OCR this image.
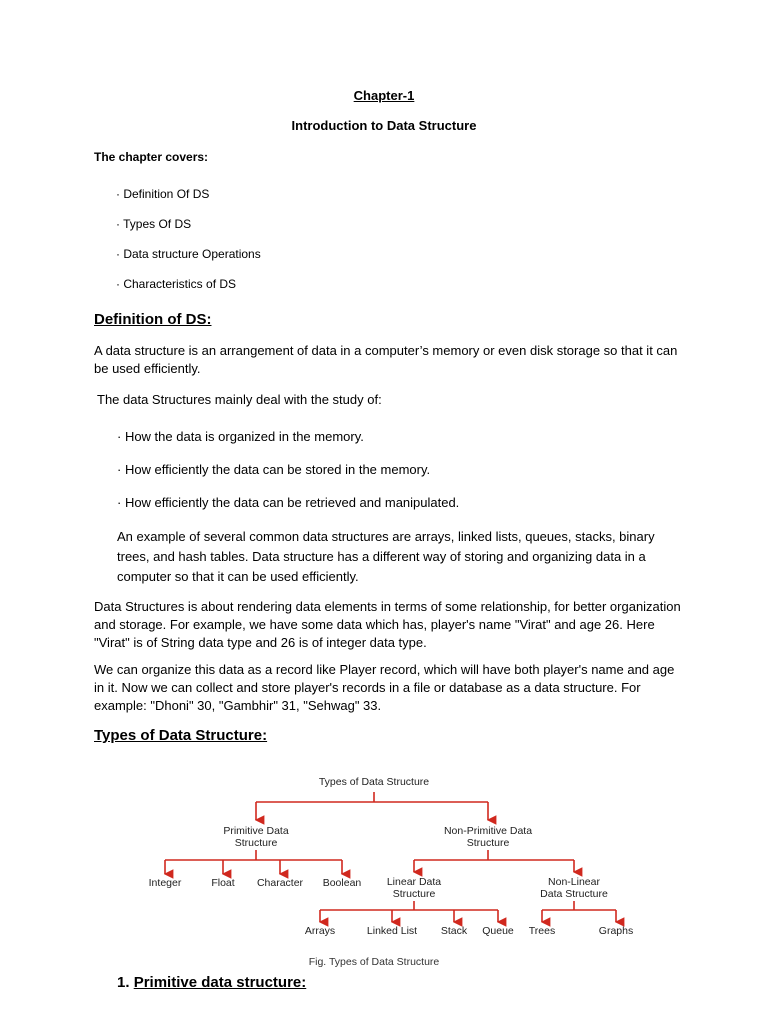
Chapter-1

Introduction to Data Structure

The chapter covers:

· Definition Of DS

· Types Of DS

· Data structure Operations

· Characteristics of DS

Definition of DS:

A data structure is an arrangement of data in a computer’s memory or even disk storage so that it can be used efficiently.

The data Structures mainly deal with the study of:

· How the data is organized in the memory.

· How efficiently the data can be stored in the memory.

· How efficiently the data can be retrieved and manipulated.

An example of several common data structures are arrays, linked lists, queues, stacks, binary trees, and hash tables. Data structure has a different way of storing and organizing data in a computer so that it can be used efficiently.

Data Structures is about rendering data elements in terms of some relationship, for better organization and storage. For example, we have some data which has, player's name "Virat" and age 26. Here "Virat" is of String data type and 26 is of integer data type.

We can organize this data as a record like Player record, which will have both player's name and age in it. Now we can collect and store player's records in a file or database as a data structure. For example: "Dhoni" 30, "Gambhir" 31, "Sehwag" 33.

Types of Data Structure:

Types of Data Structure
Primitive Data
Structure
Non-Primitive Data
Structure
Integer	Float Character Boolean Linear Data
Structure
Non-Linear
Data Structure
Arrays	Linked List Stack Queue Trees	Graphs
Fig. Types of Data Structure

1. Primitive data structure:
